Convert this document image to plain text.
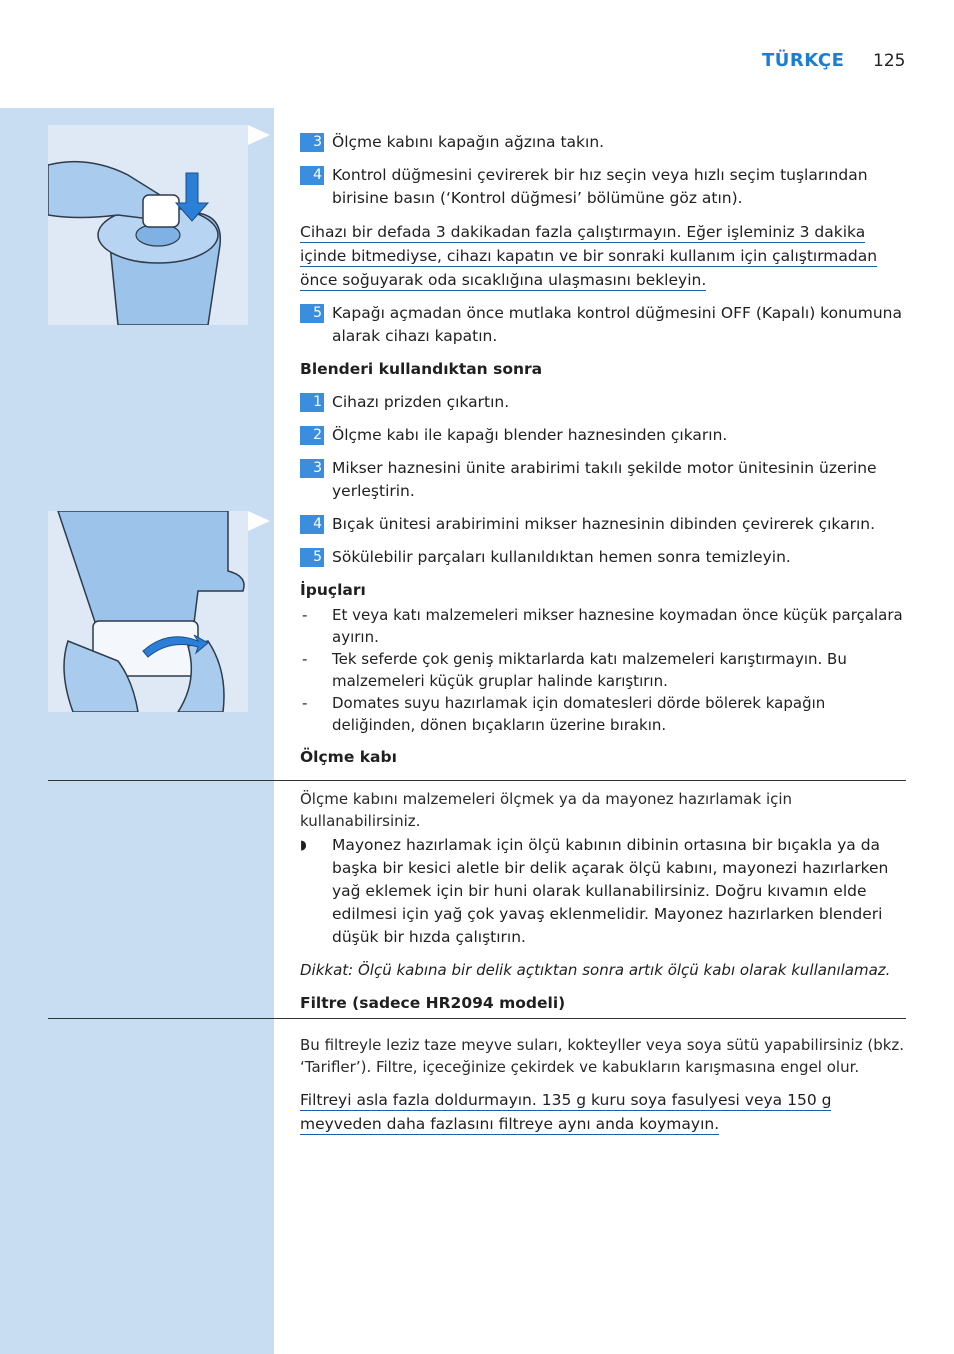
TÜRKÇE 125
3 Ölçme kabını kapağın ağzına takın.
4 Kontrol düğmesini çevirerek bir hız seçin veya hızlı seçim tuşlarından birisine basın (‘Kontrol düğmesi’ bölümüne göz atın).
Cihazı bir defada 3 dakikadan fazla çalıştırmayın. Eğer işleminiz 3 dakika
içinde bitmediyse, cihazı kapatın ve bir sonraki kullanım için çalıştırmadan
önce soğuyarak oda sıcaklığına ulaşmasını bekleyin.
5 Kapağı açmadan önce mutlaka kontrol düğmesini OFF (Kapalı) konumuna alarak cihazı kapatın.
Blenderi kullandıktan sonra
1 Cihazı prizden çıkartın.
2 Ölçme kabı ile kapağı blender haznesinden çıkarın.
3 Mikser haznesini ünite arabirimi takılı şekilde motor ünitesinin üzerine yerleştirin.
4 Bıçak ünitesi arabirimini mikser haznesinin dibinden çevirerek çıkarın.
5 Sökülebilir parçaları kullanıldıktan hemen sonra temizleyin.
İpuçları
- Et veya katı malzemeleri mikser haznesine koymadan önce küçük parçalara ayırın.
- Tek seferde çok geniş miktarlarda katı malzemeleri karıştırmayın. Bu malzemeleri küçük gruplar halinde karıştırın.
- Domates suyu hazırlamak için domatesleri dörde bölerek kapağın deliğinden, dönen bıçakların üzerine bırakın.
Ölçme kabı
Ölçme kabını malzemeleri ölçmek ya da mayonez hazırlamak için kullanabilirsiniz.
◗ Mayonez hazırlamak için ölçü kabının dibinin ortasına bir bıçakla ya da başka bir kesici aletle bir delik açarak ölçü kabını, mayonezi hazırlarken yağ eklemek için bir huni olarak kullanabilirsiniz. Doğru kıvamın elde edilmesi için yağ çok yavaş eklenmelidir. Mayonez hazırlarken blenderi düşük bir hızda çalıştırın.
Dikkat: Ölçü kabına bir delik açtıktan sonra artık ölçü kabı olarak kullanılamaz.
Filtre (sadece HR2094 modeli)
Bu filtreyle leziz taze meyve suları, kokteyller veya soya sütü yapabilirsiniz (bkz. ‘Tarifler’). Filtre, içeceğinize çekirdek ve kabukların karışmasına engel olur.
Filtreyi asla fazla doldurmayın. 135 g kuru soya fasulyesi veya 150 g
meyveden daha fazlasını filtreye aynı anda koymayın.
